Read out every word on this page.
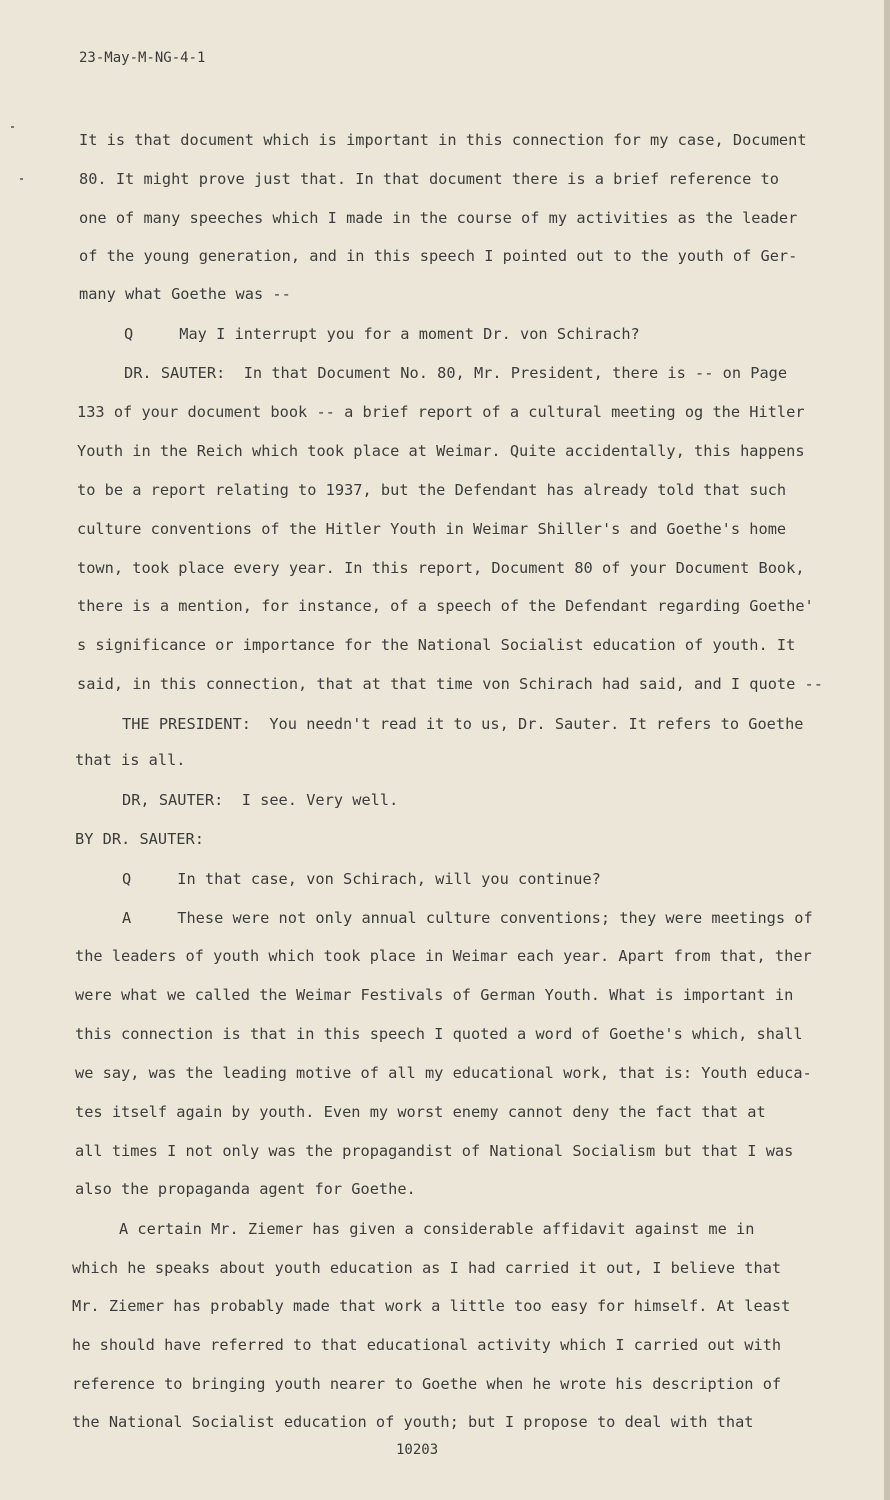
23-May-M-NG-4-1
It is that document which is important in this connection for my case, Document
80. It might prove just that. In that document there is a brief reference to
one of many speeches which I made in the course of my activities as the leader
of the young generation, and in this speech I pointed out to the youth of Ger-
many what Goethe was --
Q     May I interrupt you for a moment Dr. von Schirach?
DR. SAUTER:  In that Document No. 80, Mr. President, there is -- on Page
133 of your document book -- a brief report of a cultural meeting og the Hitler
Youth in the Reich which took place at Weimar. Quite accidentally, this happens
to be a report relating to 1937, but the Defendant has already told that such
culture conventions of the Hitler Youth in Weimar Shiller's and Goethe's home
town, took place every year. In this report, Document 80 of your Document Book,
there is a mention, for instance, of a speech of the Defendant regarding Goethe'
s significance or importance for the National Socialist education of youth. It
said, in this connection, that at that time von Schirach had said, and I quote --
THE PRESIDENT:  You needn't read it to us, Dr. Sauter. It refers to Goethe
that is all.
DR, SAUTER:  I see. Very well.
BY DR. SAUTER:
Q     In that case, von Schirach, will you continue?
A     These were not only annual culture conventions; they were meetings of
the leaders of youth which took place in Weimar each year. Apart from that, ther
were what we called the Weimar Festivals of German Youth. What is important in
this connection is that in this speech I quoted a word of Goethe's which, shall
we say, was the leading motive of all my educational work, that is: Youth educa-
tes itself again by youth. Even my worst enemy cannot deny the fact that at
all times I not only was the propagandist of National Socialism but that I was
also the propaganda agent for Goethe.
A certain Mr. Ziemer has given a considerable affidavit against me in
which he speaks about youth education as I had carried it out, I believe that
Mr. Ziemer has probably made that work a little too easy for himself. At least
he should have referred to that educational activity which I carried out with
reference to bringing youth nearer to Goethe when he wrote his description of
the National Socialist education of youth; but I propose to deal with that
10203
